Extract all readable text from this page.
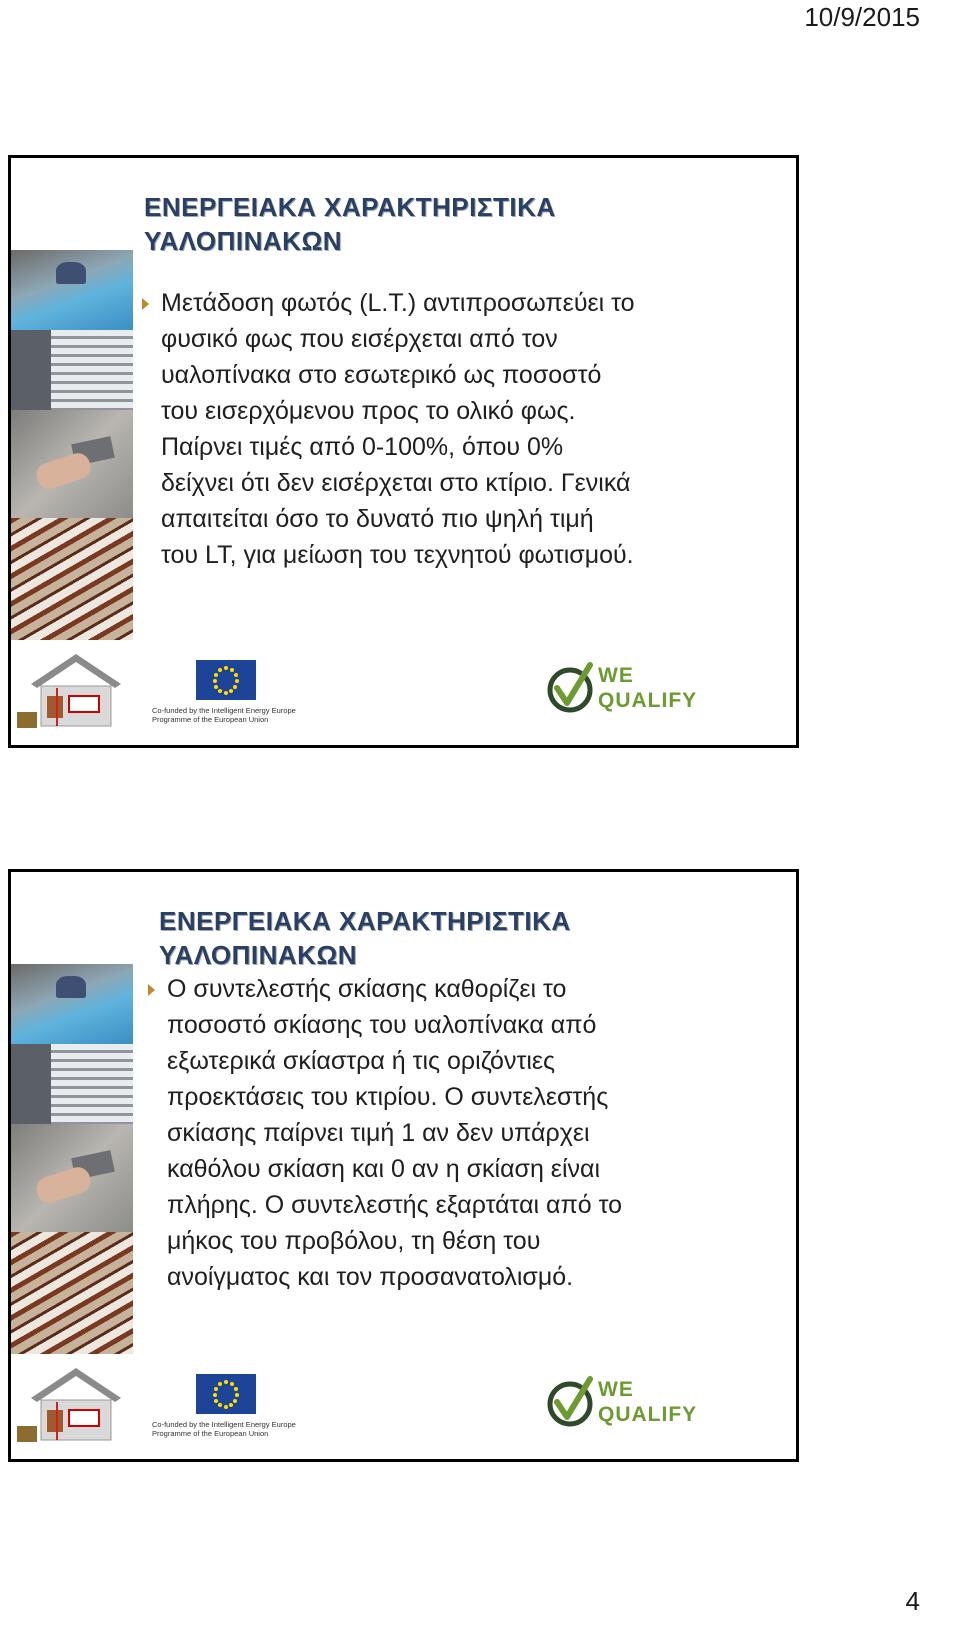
10/9/2015
ΕΝΕΡΓΕΙΑΚΑ ΧΑΡΑΚΤΗΡΙΣΤΙΚΑ
ΥΑΛΟΠΙΝΑΚΩΝ
Μετάδοση φωτός (L.T.) αντιπροσωπεύει το
φυσικό φως που εισέρχεται από τον
υαλοπίνακα στο εσωτερικό ως ποσοστό
του εισερχόμενου προς το ολικό φως.
Παίρνει τιμές από 0-100%, όπου 0%
δείχνει ότι δεν εισέρχεται στο κτίριο. Γενικά
απαιτείται όσο το δυνατό πιο ψηλή τιμή
του LT, για μείωση του τεχνητού φωτισμού.
Co-funded by the Intelligent Energy Europe
Programme of the European Union
WE
QUALIFY
ΕΝΕΡΓΕΙΑΚΑ ΧΑΡΑΚΤΗΡΙΣΤΙΚΑ
ΥΑΛΟΠΙΝΑΚΩΝ
Ο συντελεστής σκίασης καθορίζει το
ποσοστό σκίασης του υαλοπίνακα από
εξωτερικά σκίαστρα ή τις οριζόντιες
προεκτάσεις του κτιρίου. Ο συντελεστής
σκίασης παίρνει τιμή 1 αν δεν υπάρχει
καθόλου σκίαση και 0 αν η σκίαση είναι
πλήρης. Ο συντελεστής εξαρτάται από το
μήκος του προβόλου, τη θέση του
ανοίγματος και τον προσανατολισμό.
Co-funded by the Intelligent Energy Europe
Programme of the European Union
WE
QUALIFY
4
